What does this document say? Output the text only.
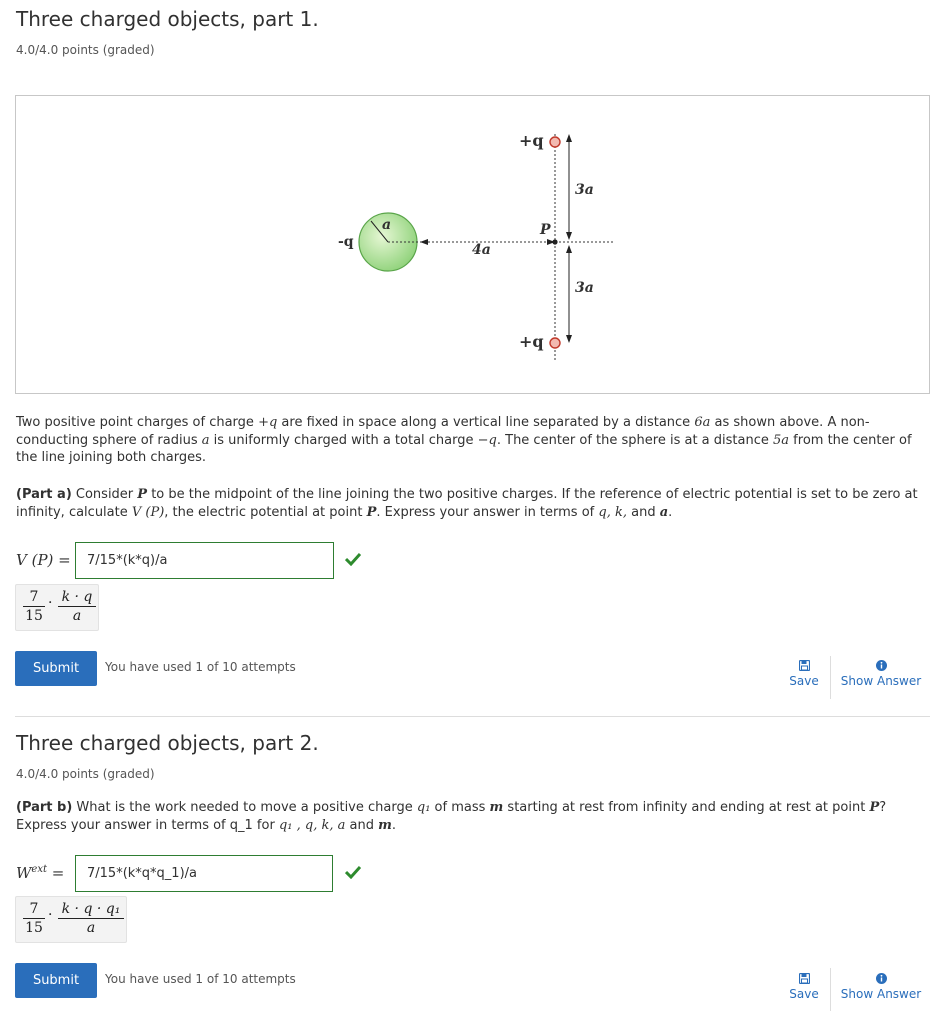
Three charged objects, part 1.
4.0/4.0 points (graded)
+q
+q
-q
a
4a
3a
3a
P
Two positive point charges of charge +q are fixed in space along a vertical line separated by a distance 6a as shown above. A non-conducting sphere of radius a is uniformly charged with a total charge −q. The center of the sphere is at a distance 5a from the center of the line joining both charges.
(Part a) Consider P to be the midpoint of the line joining the two positive charges. If the reference of electric potential is set to be zero at infinity, calculate V (P), the electric potential at point P. Express your answer in terms of q, k, and a.
V (P) =
7/15*(k*q)/a
$\frac{7}{15} \cdot \frac{k \cdot q}{a}$
Submit	You have used 1 of 10 attempts
Save	Show Answer
Three charged objects, part 2.
4.0/4.0 points (graded)
(Part b) What is the work needed to move a positive charge q₁ of mass m starting at rest from infinity and ending at rest at point P? Express your answer in terms of q_1 for q₁ , q, k, a and m.
$W^{ext}$ =
7/15*(k*q*q_1)/a
$\frac{7}{15} \cdot \frac{\text{k · q · q₁}}{a}$
Submit	You have used 1 of 10 attempts
Save	Show Answer
